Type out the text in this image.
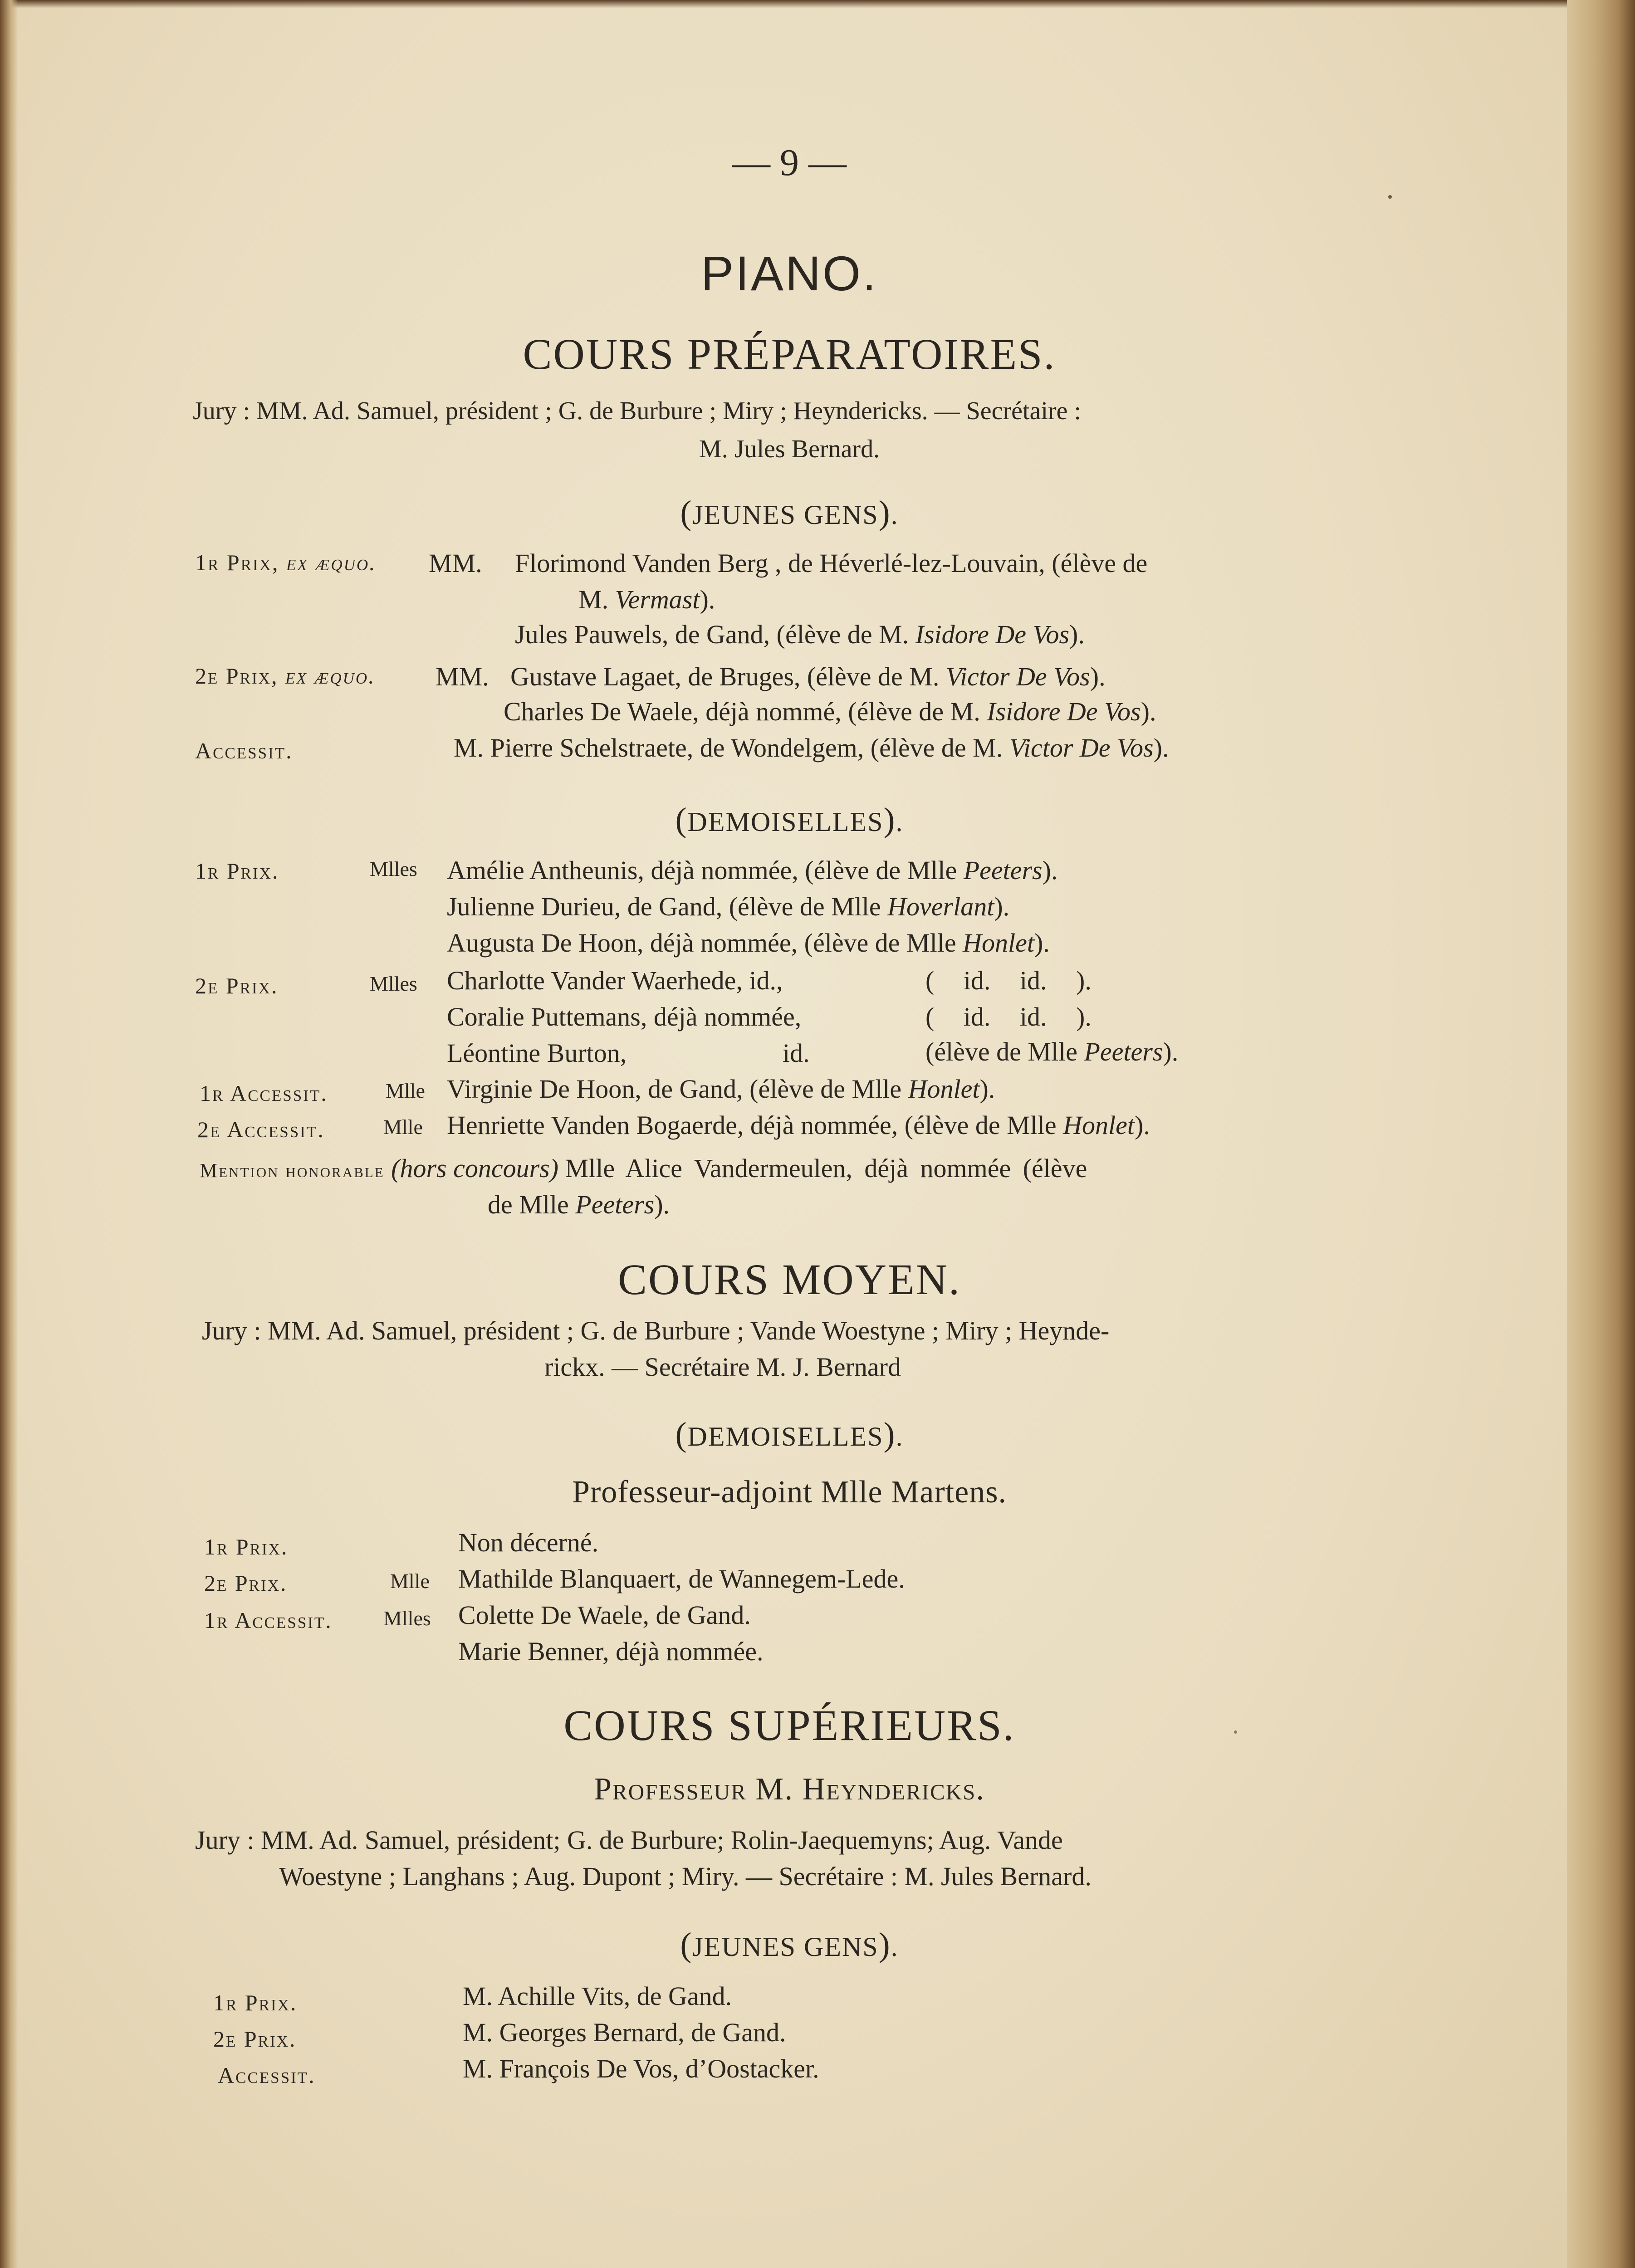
— 9 —
PIANO.
COURS PRÉPARATOIRES.
Jury : MM. Ad. Samuel, président ; G. de Burbure ; Miry ; Heyndericks. — Secrétaire :
M. Jules Bernard.
(JEUNES GENS).
1r Prix, ex æquo. MM. Florimond Vanden Berg , de Héverlé-lez-Louvain, (élève de
M. Vermast).
Jules Pauwels, de Gand, (élève de M. Isidore De Vos).
2e Prix, ex æquo. MM. Gustave Lagaet, de Bruges, (élève de M. Victor De Vos).
Charles De Waele, déjà nommé, (élève de M. Isidore De Vos).
Accessit.	M. Pierre Schelstraete, de Wondelgem, (élève de M. Victor De Vos).
(DEMOISELLES).
1r Prix.	Mlles Amélie Antheunis, déjà nommée, (élève de Mlle Peeters).
Julienne Durieu, de Gand, (élève de Mlle Hoverlant).
Augusta De Hoon, déjà nommée, (élève de Mlle Honlet).
2e Prix.	Mlles Charlotte Vander Waerhede, id.,	( id. id. ).
Coralie Puttemans, déjà nommée,	( id. id. ).
Léontine Burton,	id.	(élève de Mlle Peeters).
1r Accessit.	Mlle Virginie De Hoon, de Gand, (élève de Mlle Honlet).
2e Accessit.	Mlle Henriette Vanden Bogaerde, déjà nommée, (élève de Mlle Honlet).
Mention honorable (hors concours) Mlle Alice Vandermeulen, déjà nommée (élève
de Mlle Peeters).
COURS MOYEN.
Jury : MM. Ad. Samuel, président ; G. de Burbure ; Vande Woestyne ; Miry ; Heynde-
rickx. — Secrétaire M. J. Bernard
(DEMOISELLES).
Professeur-adjoint Mlle Martens.
1r Prix.	Non décerné.
2e Prix.	Mlle Mathilde Blanquaert, de Wannegem-Lede.
1r Accessit. Mlles Colette De Waele, de Gand.
Marie Benner, déjà nommée.
COURS SUPÉRIEURS.
Professeur M. Heyndericks.
Jury : MM. Ad. Samuel, président; G. de Burbure; Rolin-Jaequemyns; Aug. Vande
Woestyne ; Langhans ; Aug. Dupont ; Miry. — Secrétaire : M. Jules Bernard.
(JEUNES GENS).
1r Prix.	M. Achille Vits, de Gand.
2e Prix.	M. Georges Bernard, de Gand.
Accessit.	M. François De Vos, d’Oostacker.
